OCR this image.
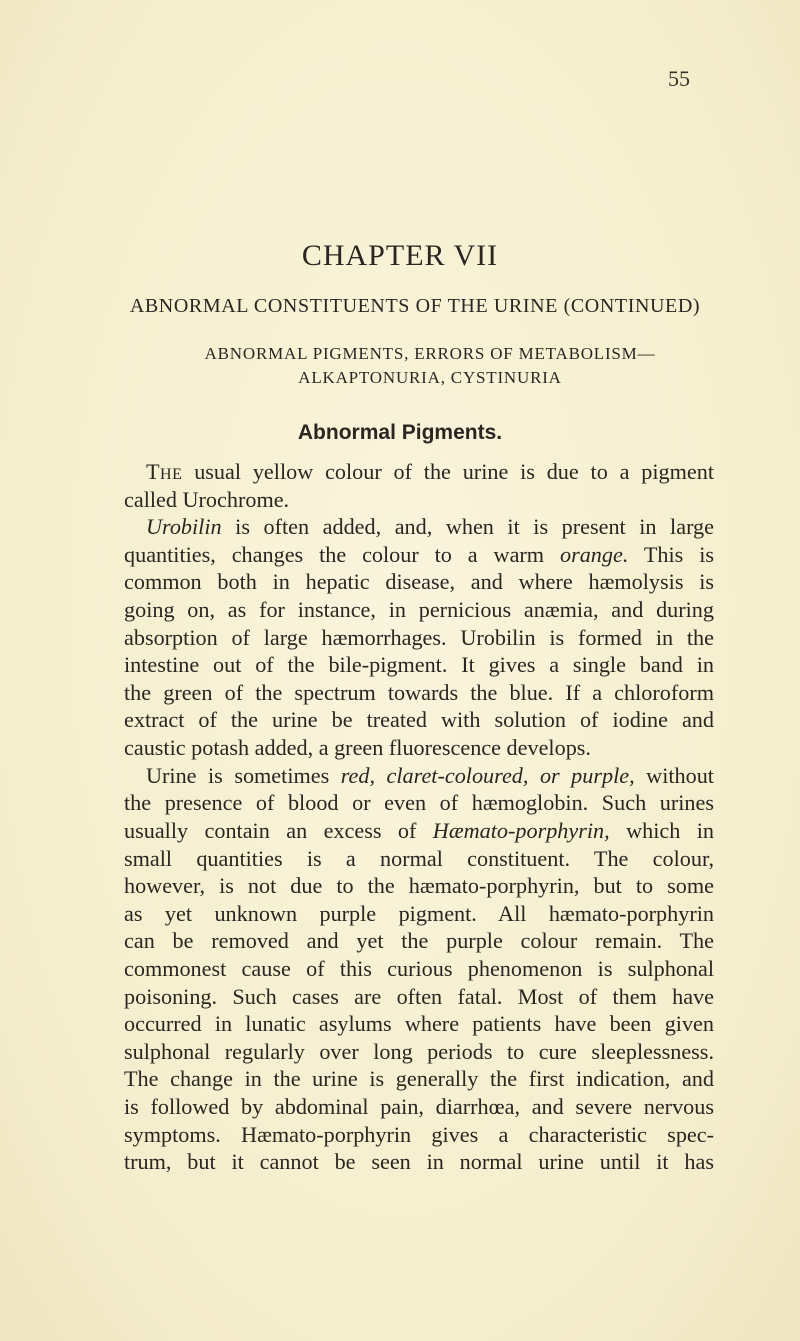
55
CHAPTER VII
ABNORMAL CONSTITUENTS OF THE URINE (CONTINUED)
ABNORMAL PIGMENTS, ERRORS OF METABOLISM—
ALKAPTONURIA, CYSTINURIA
Abnormal Pigments.
The usual yellow colour of the urine is due to a pigment
called Urochrome.
Urobilin is often added, and, when it is present in large
quantities, changes the colour to a warm orange. This is
common both in hepatic disease, and where hæmolysis is
going on, as for instance, in pernicious anæmia, and during
absorption of large hæmorrhages. Urobilin is formed in the
intestine out of the bile-pigment. It gives a single band in
the green of the spectrum towards the blue. If a chloroform
extract of the urine be treated with solution of iodine and
caustic potash added, a green fluorescence develops.
Urine is sometimes red, claret-coloured, or purple, without
the presence of blood or even of hæmoglobin. Such urines
usually contain an excess of Hæmato-porphyrin, which in
small quantities is a normal constituent. The colour,
however, is not due to the hæmato-porphyrin, but to some
as yet unknown purple pigment. All hæmato-porphyrin
can be removed and yet the purple colour remain. The
commonest cause of this curious phenomenon is sulphonal
poisoning. Such cases are often fatal. Most of them have
occurred in lunatic asylums where patients have been given
sulphonal regularly over long periods to cure sleeplessness.
The change in the urine is generally the first indication, and
is followed by abdominal pain, diarrhœa, and severe nervous
symptoms. Hæmato-porphyrin gives a characteristic spec-
trum, but it cannot be seen in normal urine until it has
